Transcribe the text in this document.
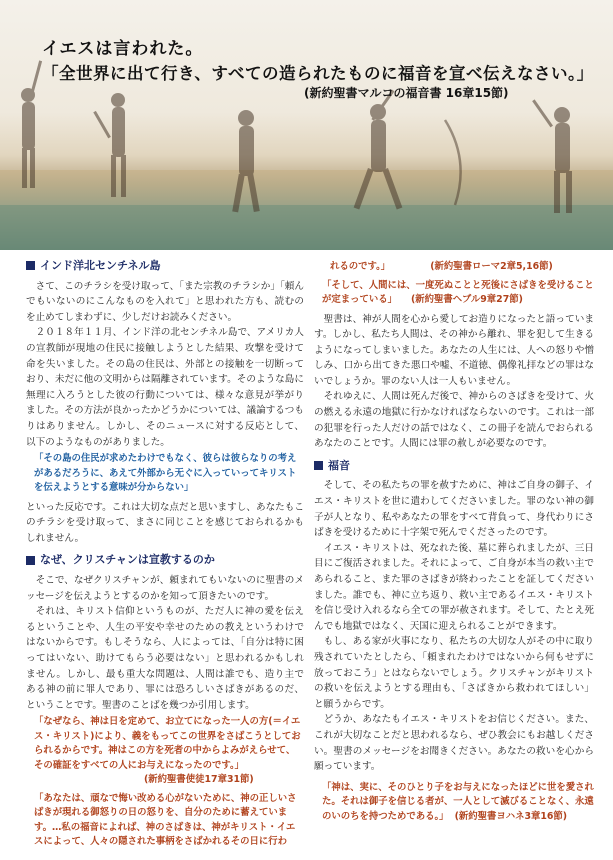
イエスは言われた。
「全世界に出て行き、すべての造られたものに福音を宣べ伝えなさい。」
(新約聖書マルコの福音書 16章15節)
インド洋北センチネル島

さて、このチラシを受け取って、「また宗教のチラシか」「頼んでもいないのにこんなものを入れて」と思われた方も、読むのを止めてしまわずに、少しだけお読みください。

２０１８年１１月、インド洋の北センチネル島で、アメリカ人の宣教師が現地の住民に接触しようとした結果、攻撃を受けて命を失いました。その島の住民は、外部との接触を一切断っており、未だに他の文明からは隔離されています。そのような島に無理に入ろうとした彼の行動については、様々な意見が挙がりました。その方法が良かったかどうかについては、議論するつもりはありません。しかし、そのニュースに対する反応として、以下のようなものがありました。

「その島の住民が求めたわけでもなく、彼らは彼らなりの考えがあるだろうに、あえて外部から无ぐに入っていってキリストを伝えようとする意味が分からない」

といった反応です。これは大切な点だと思いますし、あなたもこのチラシを受け取って、まさに同じことを感じておられるかもしれません。

なぜ、クリスチャンは宣教するのか

そこで、なぜクリスチャンが、頼まれてもいないのに聖書のメッセージを伝えようとするのかを知って頂きたいのです。

それは、キリスト信仰というものが、ただ人に神の愛を伝えるということや、人生の平安や幸せのための教えというわけではないからです。もしそうなら、人によっては、「自分は特に困ってはいない、助けてもらう必要はない」と思われるかもしれません。しかし、最も重大な問題は、人間は誰でも、造り主である神の前に罪人であり、罪には恐ろしいさばきがあるのだ、ということです。聖書のことばを幾つか引用します。

「なぜなら、神は日を定めて、お立てになった一人の方(＝イエス・キリスト)により、義をもってこの世界をさばこうとしておられるからです。神はこの方を死者の中からよみがえらせて、その確証をすべての人にお与えになったのです。」
(新約聖書使徒17章31節)
「あなたは、頑なで悔い改める心がないために、神の正しいさばきが現れる御怒りの日の怒りを、自分のために蓄えています。…私の福音によれば、神のさばきは、神がキリスト・イエスによって、人々の隠された事柄をさばかれるその日に行わ
れるのです。」	(新約聖書ローマ2章5,16節)
「そして、人間には、一度死ぬことと死後にさばきを受けることが定まっている」 (新約聖書ヘブル9章27節)

聖書は、神が人間を心から愛してお造りになったと語っています。しかし、私たち人間は、その神から離れ、罪を犯して生きるようになってしまいました。あなたの人生には、人への怒りや憎しみ、口から出てきた悪口や嘘、不道徳、偶像礼拝などの罪はないでしょうか。罪のない人は一人もいません。

それゆえに、人間は死んだ後で、神からのさばきを受けて、火の燃える永遠の地獄に行かなければならないのです。これは一部の犯罪を行った人だけの話ではなく、この冊子を読んでおられるあなたのことです。人間には罪の赦しが必要なのです。

福音

そして、その私たちの罪を赦すために、神はご自身の御子、イエス・キリストを世に遣わしてくださいました。罪のない神の御子が人となり、私やあなたの罪をすべて背負って、身代わりにさばきを受けるために十字架で死んでくださったのです。

イエス・キリストは、死なれた後、墓に葬られましたが、三日目にご復活されました。それによって、ご自身が本当の救い主であられること、また罪のさばきが終わったことを証してくださいました。誰でも、神に立ち返り、救い主であるイエス・キリストを信じ受け入れるなら全ての罪が赦されます。そして、たとえ死んでも地獄ではなく、天国に迎えられることができます。

もし、ある家が火事になり、私たちの大切な人がその中に取り残されていたとしたら、「頼まれたわけではないから何もせずに放っておこう」とはならないでしょう。クリスチャンがキリストの救いを伝えようとする理由も、「さばきから救われてほしい」と願うからです。

どうか、あなたもイエス・キリストをお信じください。また、これが大切なことだと思われるなら、ぜひ教会にもお越しください。聖書のメッセージをお聞きください。あなたの救いを心から願っています。

「神は、実に、そのひとり子をお与えになったほどに世を愛された。それは御子を信じる者が、一人として滅びることなく、永遠のいのちを持つためである。」 (新約聖書ヨハネ3章16節)
